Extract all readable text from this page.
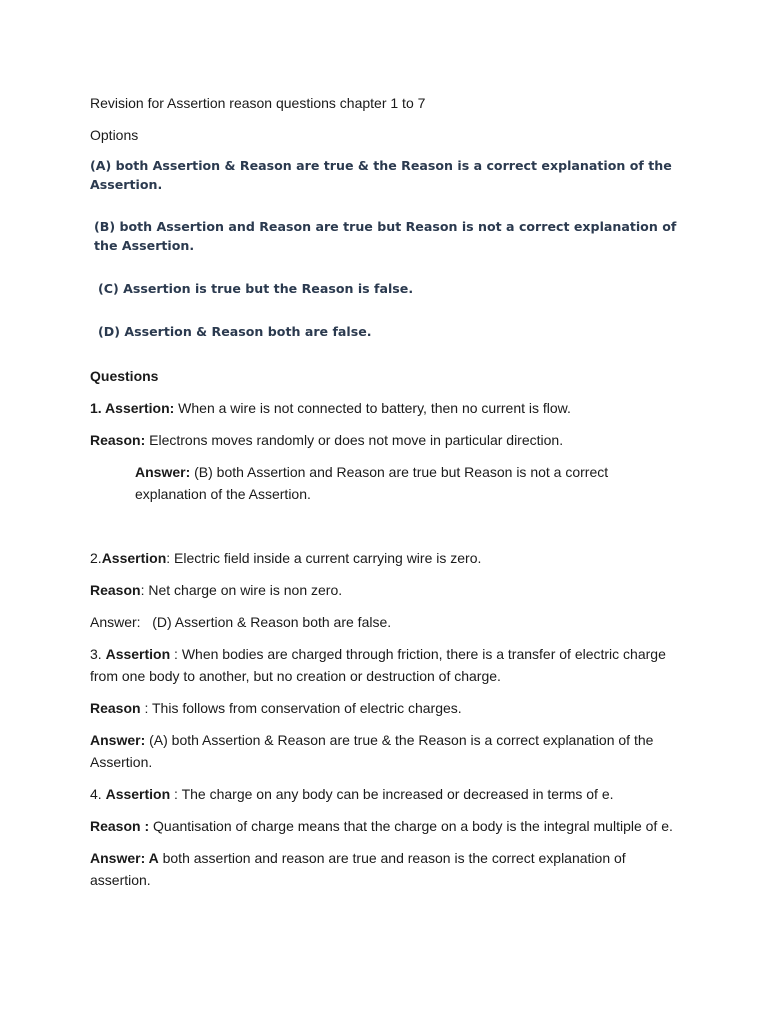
Revision for Assertion reason questions chapter 1 to 7

Options

(A) both Assertion & Reason are true & the Reason is a correct explanation of the Assertion.

(B) both Assertion and Reason are true but Reason is not a correct explanation of the Assertion.

(C) Assertion is true but the Reason is false.

(D) Assertion & Reason both are false.

Questions

1. Assertion: When a wire is not connected to battery, then no current is flow.

Reason: Electrons moves randomly or does not move in particular direction.

Answer: (B) both Assertion and Reason are true but Reason is not a correct explanation of the Assertion.

2.Assertion: Electric field inside a current carrying wire is zero.

Reason: Net charge on wire is non zero.

Answer:   (D) Assertion & Reason both are false.

3. Assertion : When bodies are charged through friction, there is a transfer of electric charge from one body to another, but no creation or destruction of charge.

Reason : This follows from conservation of electric charges.

Answer: (A) both Assertion & Reason are true & the Reason is a correct explanation of the Assertion.

4. Assertion : The charge on any body can be increased or decreased in terms of e.

Reason : Quantisation of charge means that the charge on a body is the integral multiple of e.

Answer: A both assertion and reason are true and reason is the correct explanation of assertion.
